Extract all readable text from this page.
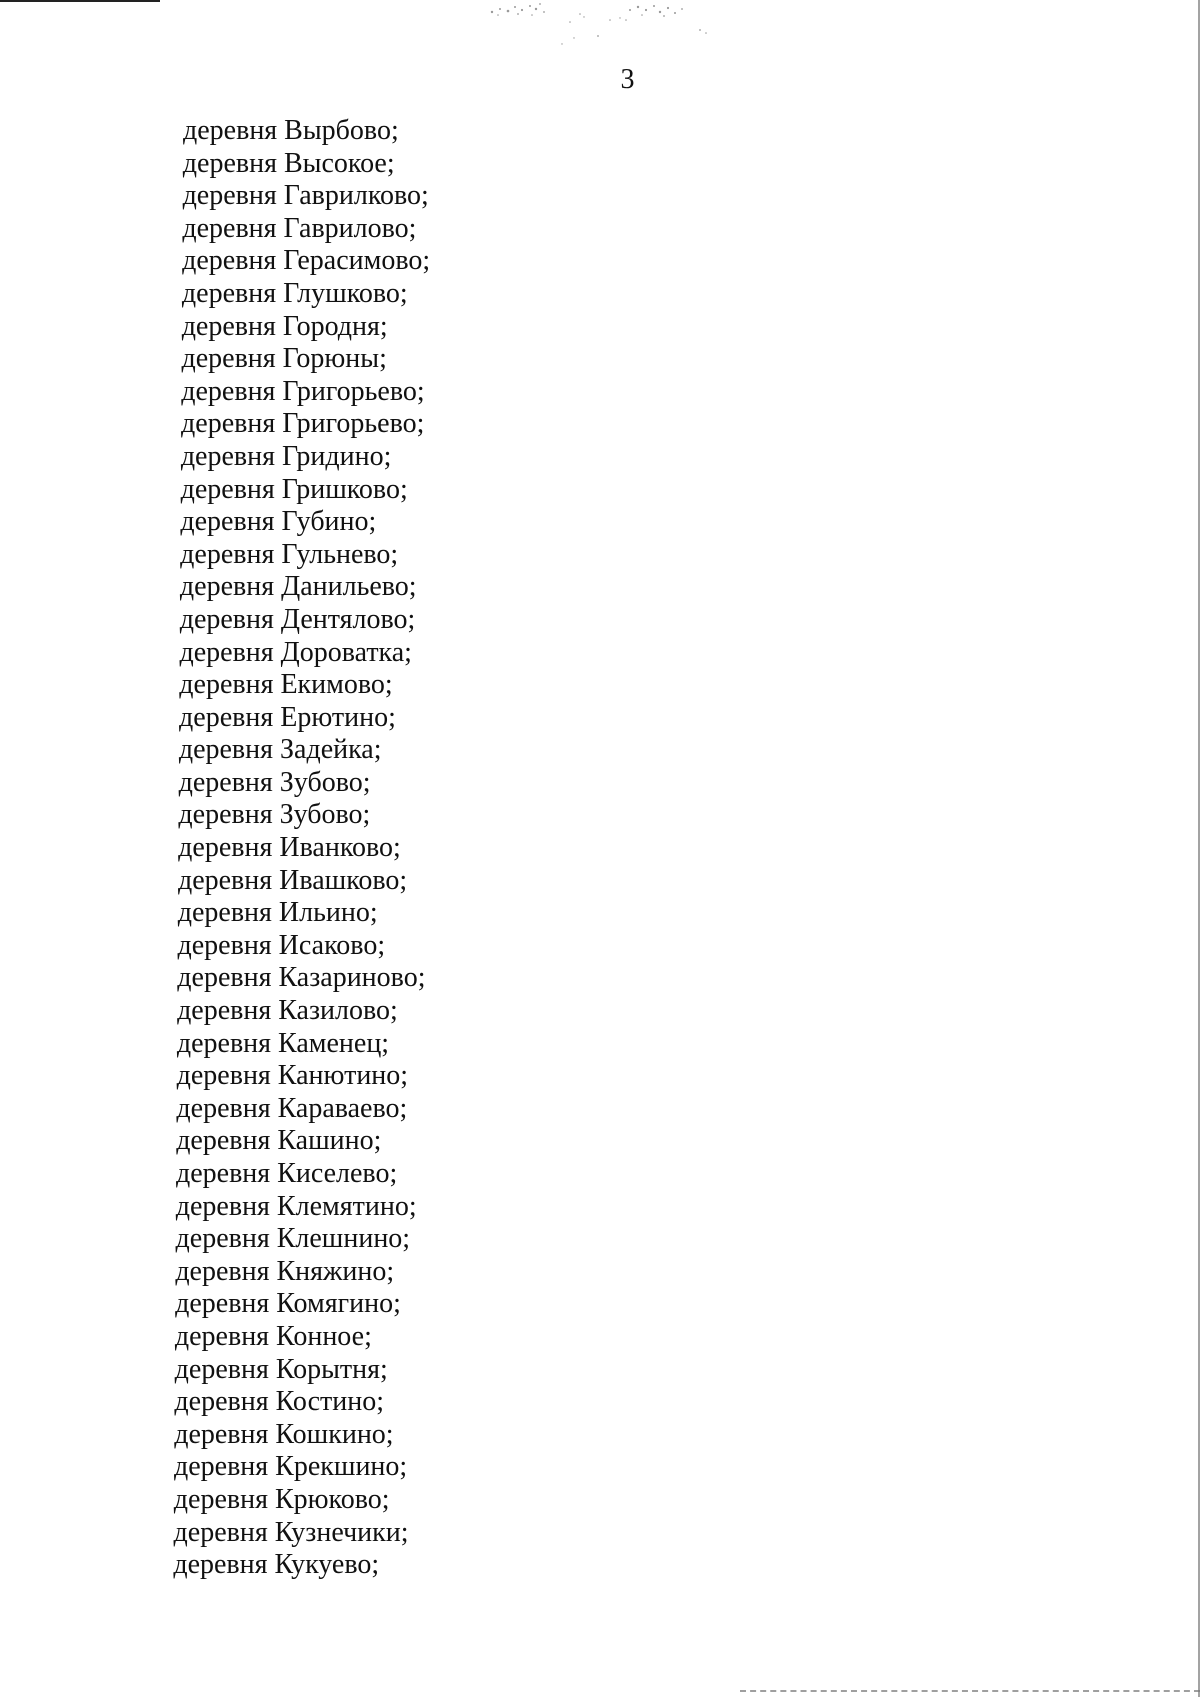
3
деревня Вырбово;
деревня Высокое;
деревня Гаврилково;
деревня Гаврилово;
деревня Герасимово;
деревня Глушково;
деревня Городня;
деревня Горюны;
деревня Григорьево;
деревня Григорьево;
деревня Гридино;
деревня Гришково;
деревня Губино;
деревня Гульнево;
деревня Данильево;
деревня Дентялово;
деревня Дороватка;
деревня Екимово;
деревня Ерютино;
деревня Задейка;
деревня Зубово;
деревня Зубово;
деревня Иванково;
деревня Ивашково;
деревня Ильино;
деревня Исаково;
деревня Казариново;
деревня Казилово;
деревня Каменец;
деревня Канютино;
деревня Караваево;
деревня Кашино;
деревня Киселево;
деревня Клемятино;
деревня Клешнино;
деревня Княжино;
деревня Комягино;
деревня Конное;
деревня Корытня;
деревня Костино;
деревня Кошкино;
деревня Крекшино;
деревня Крюково;
деревня Кузнечики;
деревня Кукуево;
